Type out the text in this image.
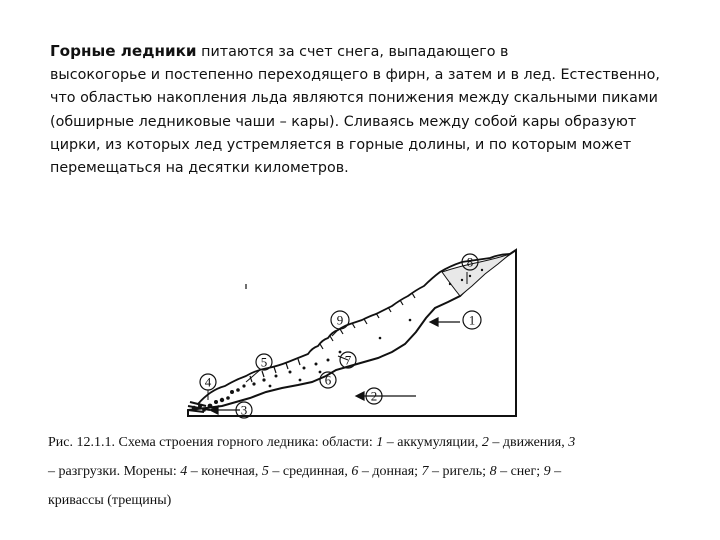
Горные ледники питаются за счет снега, выпадающего в
высокогорье и постепенно переходящего в фирн, а затем и в лед. Естественно,
что областью накопления льда являются понижения между скальными пиками
(обширные ледниковые чаши – кары). Сливаясь между собой кары образуют
цирки, из которых лед устремляется в горные долины, и по которым может
перемещаться на десятки километров.
8
1
9
5	7
6
4
2
3
Рис. 12.1.1. Схема строения горного ледника: области: 1 – аккумуляции, 2 – движения, 3
– разгрузки. Морены: 4 – конечная, 5 – срединная, 6 – донная; 7 – ригель; 8 – снег; 9 –
кривассы (трещины)
